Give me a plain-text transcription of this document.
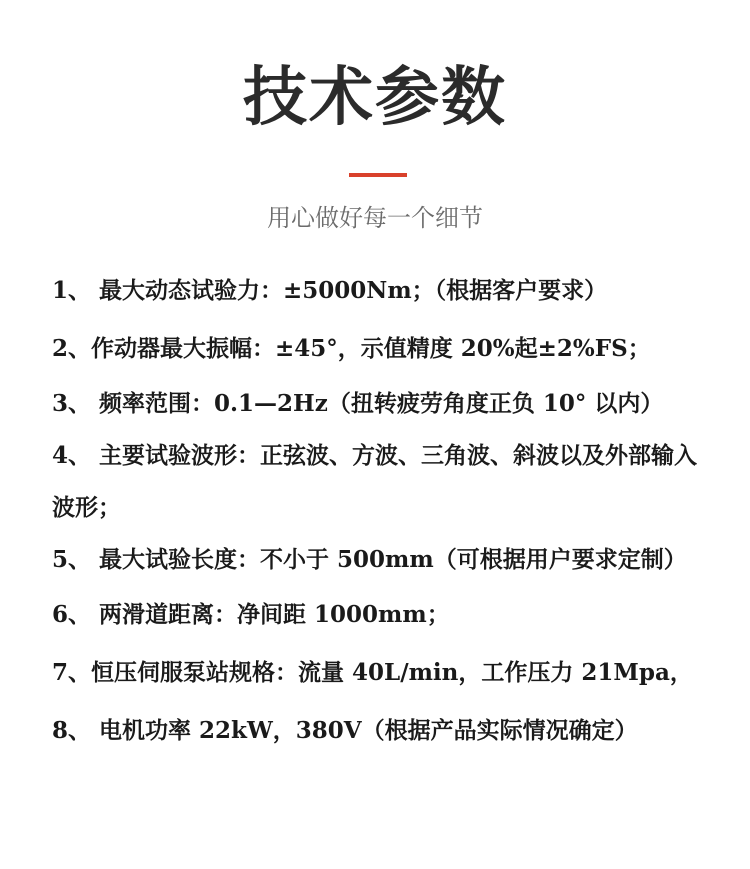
技术参数

用心做好每一个细节

1、 最大动态试验力：±5000Nm；（根据客户要求）
2、作动器最大振幅：±45°，示值精度 20%起±2%FS；
3、 频率范围：0.1—2Hz（扭转疲劳角度正负 10° 以内）
4、 主要试验波形：正弦波、方波、三角波、斜波以及外部输入波形；
5、 最大试验长度：不小于 500mm（可根据用户要求定制）
6、 两滑道距离：净间距 1000mm；
7、恒压伺服泵站规格：流量 40L/min，工作压力 21Mpa，
8、 电机功率 22kW，380V（根据产品实际情况确定）
